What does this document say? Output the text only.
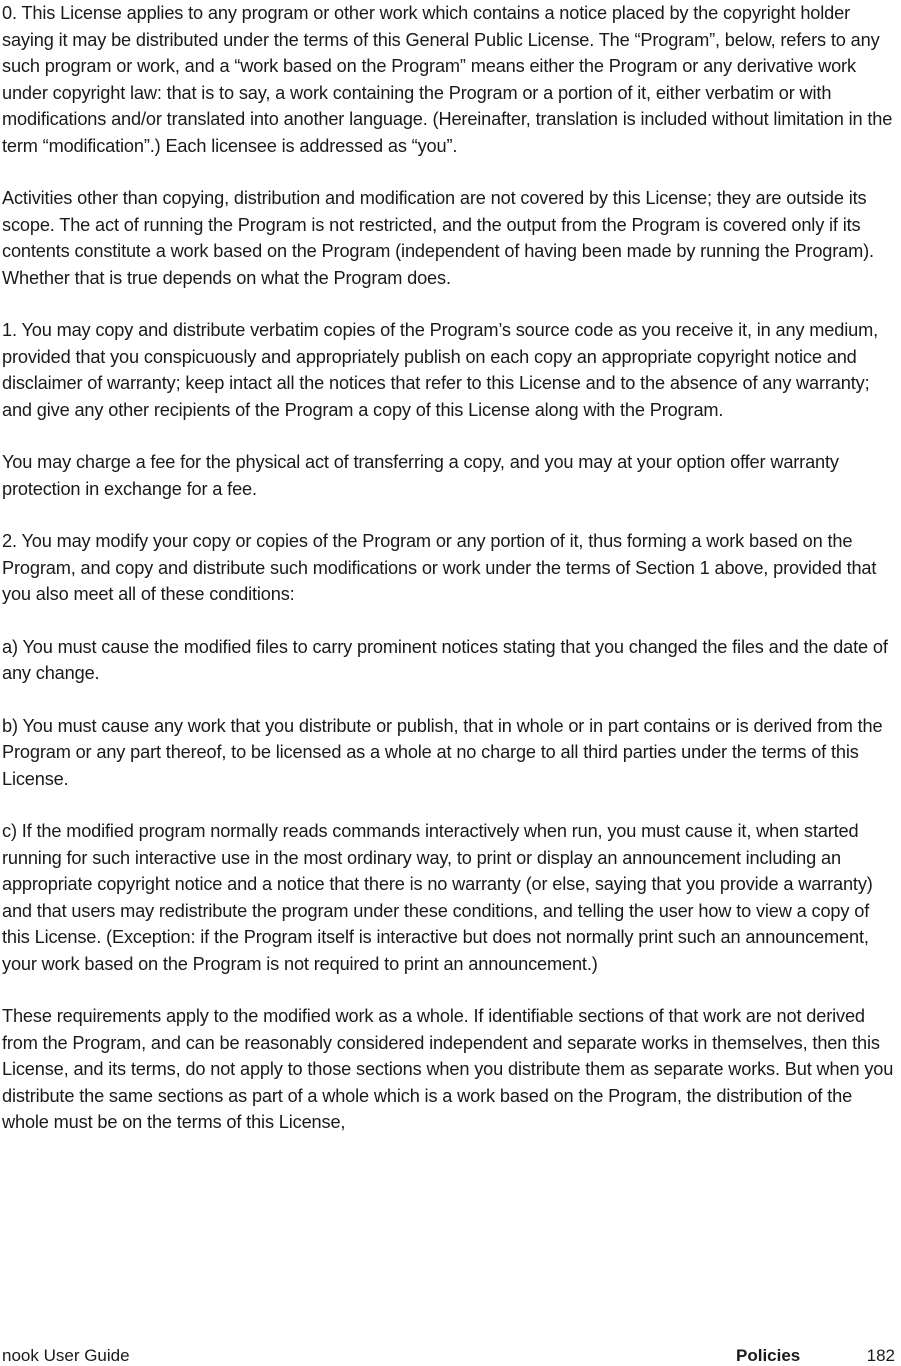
0. This License applies to any program or other work which contains a notice placed by the copyright holder saying it may be distributed under the terms of this General Public License. The “Program”, below, refers to any such program or work, and a “work based on the Program” means either the Program or any derivative work under copyright law: that is to say, a work containing the Program or a portion of it, either verbatim or with modifications and/or translated into another language. (Hereinafter, translation is included without limitation in the term “modification”.) Each licensee is addressed as “you”.

Activities other than copying, distribution and modification are not covered by this License; they are outside its scope. The act of running the Program is not restricted, and the output from the Program is covered only if its contents constitute a work based on the Program (independent of having been made by running the Program). Whether that is true depends on what the Program does.

1. You may copy and distribute verbatim copies of the Program’s source code as you receive it, in any medium, provided that you conspicuously and appropriately publish on each copy an appropriate copyright notice and disclaimer of warranty; keep intact all the notices that refer to this License and to the absence of any warranty; and give any other recipients of the Program a copy of this License along with the Program.

You may charge a fee for the physical act of transferring a copy, and you may at your option offer warranty protection in exchange for a fee.

2. You may modify your copy or copies of the Program or any portion of it, thus forming a work based on the Program, and copy and distribute such modifications or work under the terms of Section 1 above, provided that you also meet all of these conditions:

a) You must cause the modified files to carry prominent notices stating that you changed the files and the date of any change.

b) You must cause any work that you distribute or publish, that in whole or in part contains or is derived from the Program or any part thereof, to be licensed as a whole at no charge to all third parties under the terms of this License.

c) If the modified program normally reads commands interactively when run, you must cause it, when started running for such interactive use in the most ordinary way, to print or display an announcement including an appropriate copyright notice and a notice that there is no warranty (or else, saying that you provide a warranty) and that users may redistribute the program under these conditions, and telling the user how to view a copy of this License. (Exception: if the Program itself is interactive but does not normally print such an announcement, your work based on the Program is not required to print an announcement.)

These requirements apply to the modified work as a whole. If identifiable sections of that work are not derived from the Program, and can be reasonably considered independent and separate works in themselves, then this License, and its terms, do not apply to those sections when you distribute them as separate works. But when you distribute the same sections as part of a whole which is a work based on the Program, the distribution of the whole must be on the terms of this License,

nook User Guide	Policies	182
